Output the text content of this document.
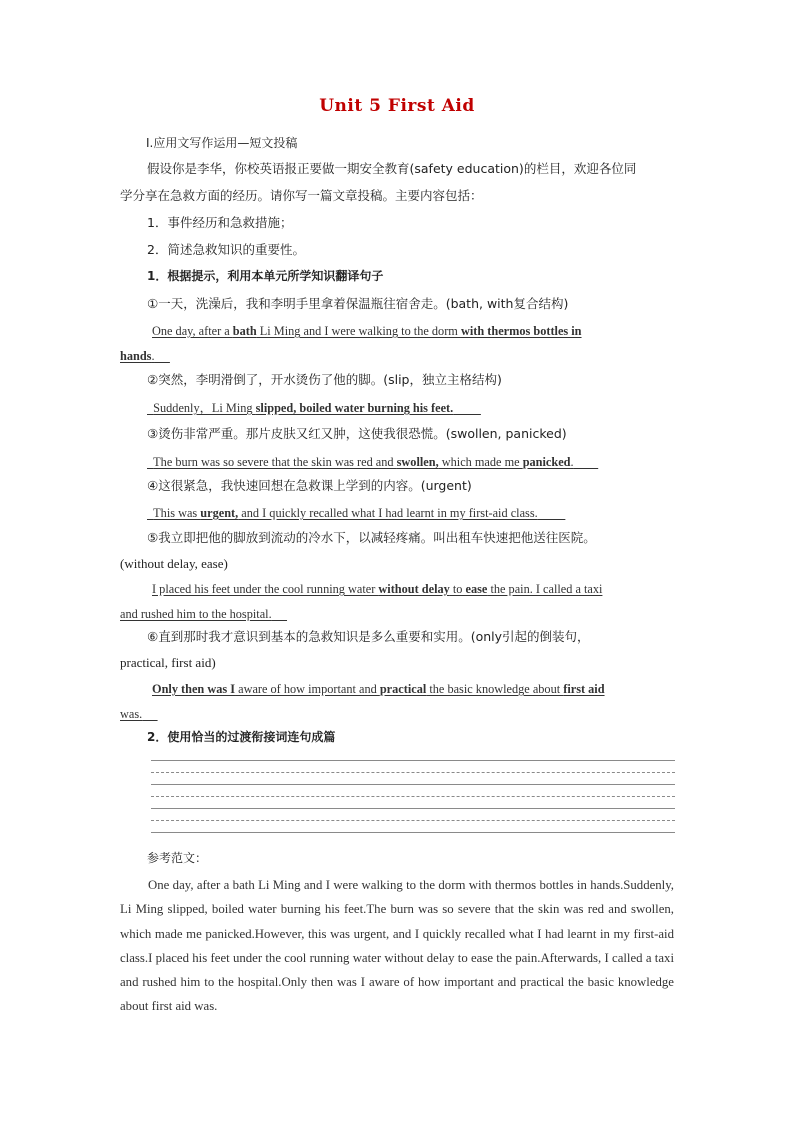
Unit 5 First Aid
Ⅰ.应用文写作运用—短文投稿
假设你是李华，你校英语报正要做一期安全教育(safety education)的栏目，欢迎各位同
学分享在急救方面的经历。请你写一篇文章投稿。主要内容包括：
1．事件经历和急救措施；
2．简述急救知识的重要性。
1．根据提示，利用本单元所学知识翻译句子
①一天，洗澡后，我和李明手里拿着保温瓶往宿舍走。(bath, with复合结构)
One day, after a bath Li Ming and I were walking to the dorm with thermos bottles in
hands.
②突然，李明滑倒了，开水烫伤了他的脚。(slip，独立主格结构)
Suddenly，Li Ming slipped, boiled water burning his feet.
③烫伤非常严重。那片皮肤又红又肿，这使我很恐慌。(swollen, panicked)
The burn was so severe that the skin was red and swollen, which made me panicked.
④这很紧急，我快速回想在急救课上学到的内容。(urgent)
This was urgent, and I quickly recalled what I had learnt in my first-aid class.
⑤我立即把他的脚放到流动的冷水下，以减轻疼痛。叫出租车快速把他送往医院。
(without delay, ease)
I placed his feet under the cool running water without delay to ease the pain. I called a taxi
and rushed him to the hospital.
⑥直到那时我才意识到基本的急救知识是多么重要和实用。(only引起的倒装句，
practical, first aid)
Only then was I aware of how important and practical the basic knowledge about first aid
was.
2．使用恰当的过渡衔接词连句成篇
参考范文：
One day, after a bath Li Ming and I were walking to the dorm with thermos bottles in hands.Suddenly, Li Ming slipped, boiled water burning his feet.The burn was so severe that the skin was red and swollen, which made me panicked.However, this was urgent, and I quickly recalled what I had learnt in my first-aid class.I placed his feet under the cool running water without delay to ease the pain.Afterwards, I called a taxi and rushed him to the hospital.Only then was I aware of how important and practical the basic knowledge about first aid was.
